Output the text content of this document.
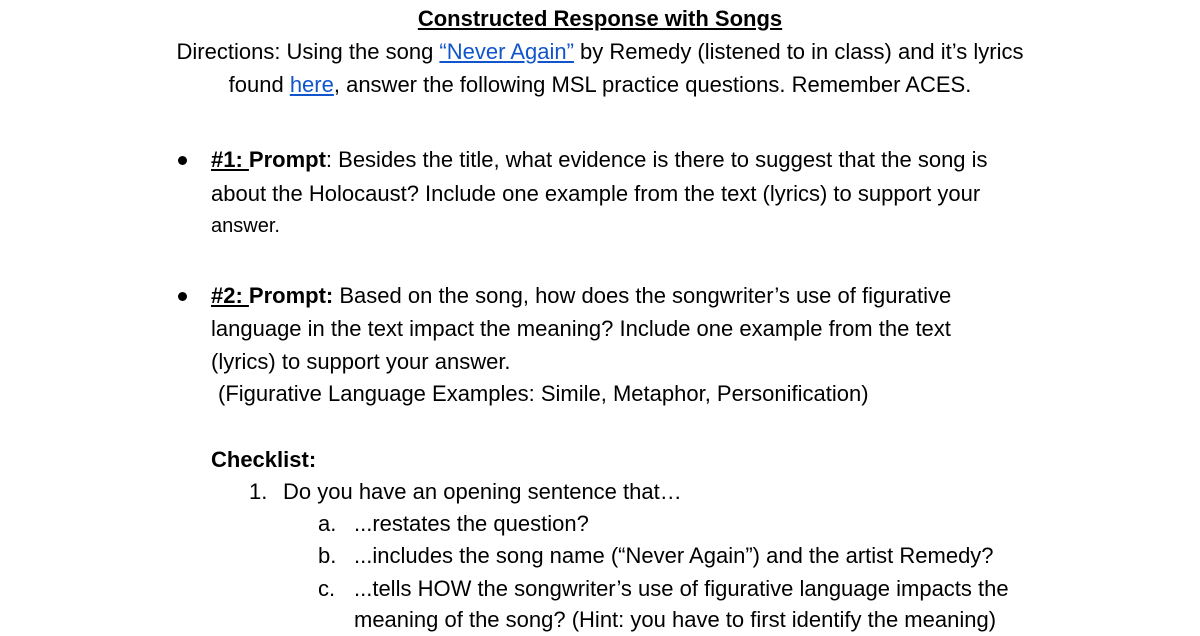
Constructed Response with Songs
Directions: Using the song “Never Again” by Remedy (listened to in class) and it’s lyrics
found here, answer the following MSL practice questions. Remember ACES.
#1: Prompt: Besides the title, what evidence is there to suggest that the song is
about the Holocaust? Include one example from the text (lyrics) to support your
answer.
#2: Prompt: Based on the song, how does the songwriter’s use of figurative
language in the text impact the meaning? Include one example from the text
(lyrics) to support your answer.
(Figurative Language Examples: Simile, Metaphor, Personification)
Checklist:
1. Do you have an opening sentence that…
a. ...restates the question?
b. ...includes the song name (“Never Again”) and the artist Remedy?
c. ...tells HOW the songwriter’s use of figurative language impacts the
meaning of the song? (Hint: you have to first identify the meaning)
